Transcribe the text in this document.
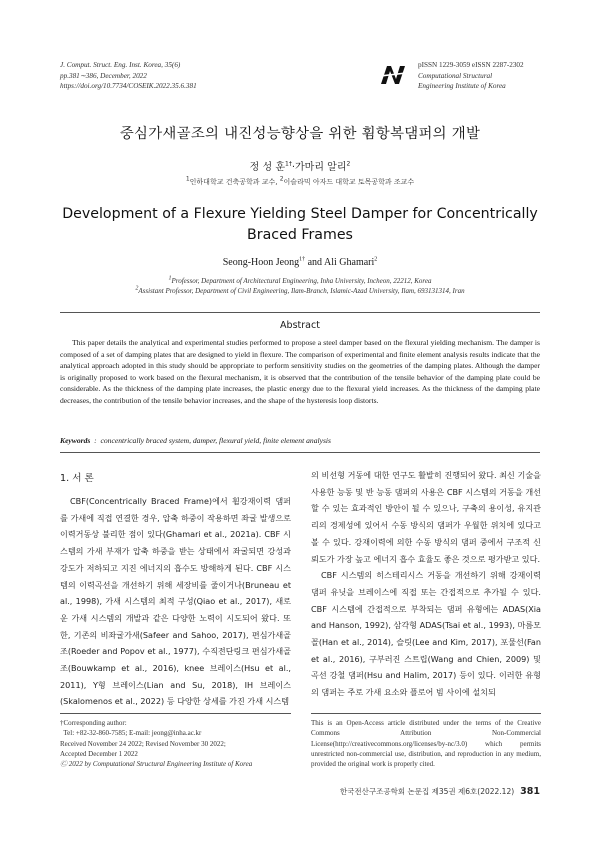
J. Comput. Struct. Eng. Inst. Korea, 35(6)
pp.381∼386, December, 2022
https://doi.org/10.7734/COSEIK.2022.35.6.381
pISSN 1229-3059 eISSN 2287-2302
Computational Structural
Engineering Institute of Korea
중심가새골조의 내진성능향상을 위한 휨항복댐퍼의 개발
정 성 훈$^{1\dagger}$·가마리 알리$^2$
$^1$인하대학교 건축공학과 교수, $^2$이슬라믹 아자드 대학교 토목공학과 조교수
Development of a Flexure Yielding Steel Damper for Concentrically Braced Frames
Seong-Hoon Jeong$^{1\dagger}$ and Ali Ghamari$^2$
$^1$Professor, Department of Architectural Engineering, Inha University, Incheon, 22212, Korea
$^2$Assistant Professor, Department of Civil Engineering, Ilam-Branch, Islamic-Azad University, Ilam, 693131314, Iran
Abstract
This paper details the analytical and experimental studies performed to propose a steel damper based on the flexural yielding mechanism. The damper is composed of a set of damping plates that are designed to yield in flexure. The comparison of experimental and finite element analysis results indicate that the analytical approach adopted in this study should be appropriate to perform sensitivity studies on the geometries of the damping plates. Although the damper is originally proposed to work based on the flexural mechanism, it is observed that the contribution of the tensile behavior of the damping plate could be considerable. As the thickness of the damping plate increases, the plastic energy due to the flexural yield increases. As the thickness of the damping plate decreases, the contribution of the tensile behavior increases, and the shape of the hysteresis loop distorts.
Keywords  :  concentrically braced system, damper, flexural yield, finite element analysis
1. 서 론

CBF(Concentrically Braced Frame)에서 휨강재이력 댐퍼를 가새에 직접 연결한 경우, 압축 하중이 작용하면 좌굴 발생으로 이력거동상 불리한 점이 있다(Ghamari et al., 2021a). CBF 시스템의 가새 부재가 압축 하중을 받는 상태에서 좌굴되면 강성과 강도가 저하되고 지진 에너지의 흡수도 방해하게 된다. CBF 시스템의 이력곡선을 개선하기 위해 세장비를 줄이거나(Bruneau et al., 1998), 가새 시스템의 최적 구성(Qiao et al., 2017), 새로운 가새 시스템의 개발과 같은 다양한 노력이 시도되어 왔다. 또한, 기존의 비좌굴가새(Safeer and Sahoo, 2017), 편심가새골조(Roeder and Popov et al., 1977), 수직전단링크 편심가새골조(Bouwkamp et al., 2016), knee 브레이스(Hsu et al., 2011), Y형 브레이스(Lian and Su, 2018), IH 브레이스(Skalomenos et al., 2022) 등 다양한 상세를 가진 가새 시스템

의 비선형 거동에 대한 연구도 활발히 진행되어 왔다. 최신 기술을 사용한 능동 및 반 능동 댐퍼의 사용은 CBF 시스템의 거동을 개선할 수 있는 효과적인 방안이 될 수 있으나, 구축의 용이성, 유지관리의 경제성에 있어서 수동 방식의 댐퍼가 우월한 위치에 있다고 볼 수 있다. 강재이력에 의한 수동 방식의 댐퍼 중에서 구조적 신뢰도가 가장 높고 에너지 흡수 효율도 좋은 것으로 평가받고 있다.

CBF 시스템의 히스테리시스 거동을 개선하기 위해 강재이력 댐퍼 유닛을 브레이스에 직접 또는 간접적으로 추가될 수 있다. CBF 시스템에 간접적으로 부착되는 댐퍼 유형에는 ADAS(Xia and Hanson, 1992), 삼각형 ADAS(Tsai et al., 1993), 마름모꼴(Han et al., 2014), 슬릿(Lee and Kim, 2017), 포물선(Fan et al., 2016), 구부러진 스트립(Wang and Chien, 2009) 및 곡선 강철 댐퍼(Hsu and Halim, 2017) 등이 있다. 이러한 유형의 댐퍼는 주로 가새 요소와 플로어 빔 사이에 설치되

†Corresponding author:
Tel: +82-32-860-7585; E-mail: jeong@inha.ac.kr
Received November 24 2022; Revised November 30 2022;
Accepted December 1 2022
Ⓒ 2022 by Computational Structural Engineering Institute of Korea
This is an Open-Access article distributed under the terms of the Creative Commons Attribution Non-Commercial License(http://creativecommons.org/licenses/by-nc/3.0) which permits unrestricted non-commercial use, distribution, and reproduction in any medium, provided the original work is properly cited.
한국전산구조공학회 논문집 제35권 제6호(2022.12) 381
